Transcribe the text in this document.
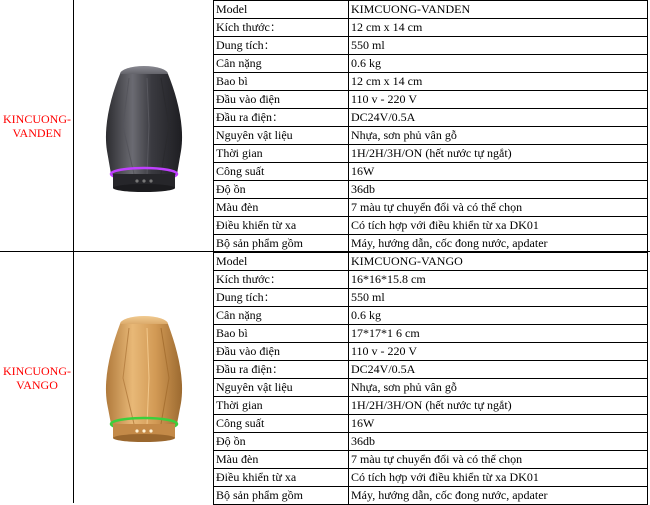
KINCUONG-
VANDEN
Model	KIMCUONG-VANDEN
Kích thước：	12 cm x 14 cm
Dung tích：	550 ml
Cân nặng	0.6 kg
Bao bì	12 cm x 14 cm
Đầu vào điện	110 v - 220 V
Đầu ra điện：	DC24V/0.5A
Nguyên vật liệu	Nhựa, sơn phủ vân gỗ
Thời gian	1H/2H/3H/ON (hết nước tự ngắt)
Công suất	16W
Độ ồn	36db
Màu đèn	7 màu tự chuyển đổi và có thể chọn
Điều khiển từ xa	Có tích hợp với điều khiển từ xa DK01
Bộ sản phẩm gồm	Máy, hướng dẫn, cốc đong nước, apdater
KINCUONG-
VANGO
Model	KIMCUONG-VANGO
Kích thước：	16*16*15.8 cm
Dung tích：	550 ml
Cân nặng	0.6 kg
Bao bì	17*17*1 6 cm
Đầu vào điện	110 v - 220 V
Đầu ra điện：	DC24V/0.5A
Nguyên vật liệu	Nhựa, sơn phủ vân gỗ
Thời gian	1H/2H/3H/ON (hết nước tự ngắt)
Công suất	16W
Độ ồn	36db
Màu đèn	7 màu tự chuyển đổi và có thể chọn
Điều khiển từ xa	Có tích hợp với điều khiển từ xa DK01
Bộ sản phẩm gồm	Máy, hướng dẫn, cốc đong nước, apdater
